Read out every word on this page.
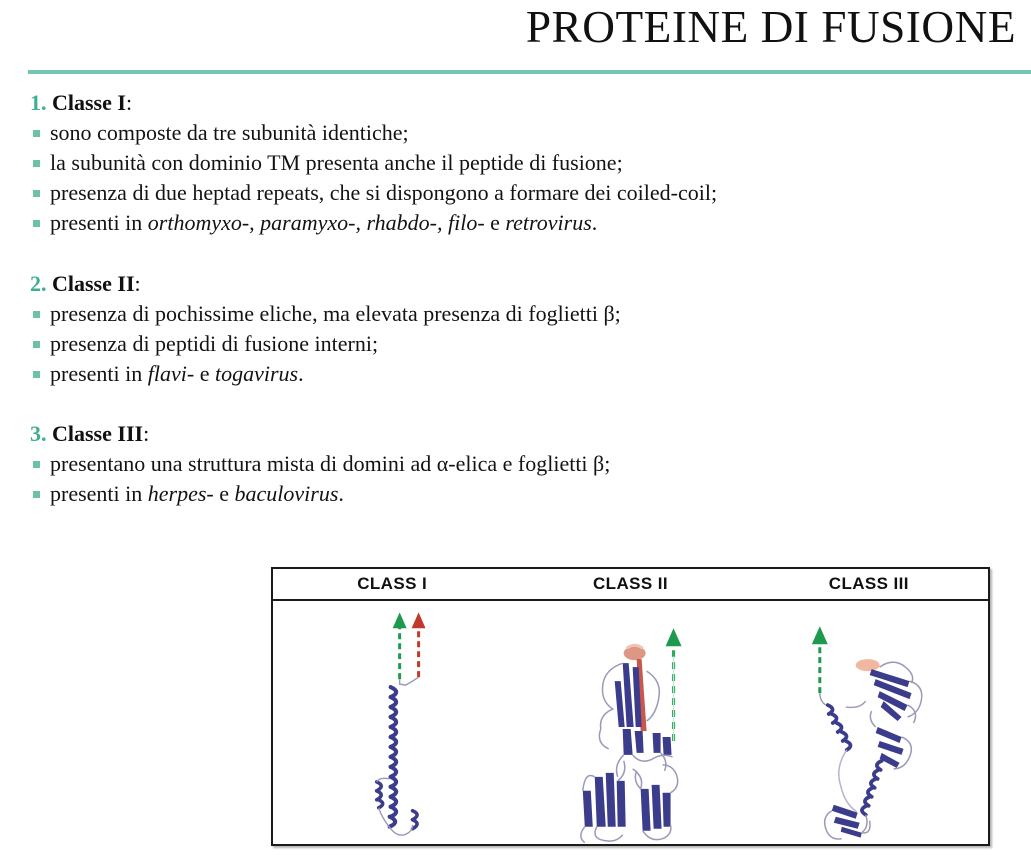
PROTEINE DI FUSIONE
1. Classe I:
sono composte da tre subunità identiche;
la subunità con dominio TM presenta anche il peptide di fusione;
presenza di due heptad repeats, che si dispongono a formare dei coiled-coil;
presenti in orthomyxo-, paramyxo-, rhabdo-, filo- e retrovirus.
2. Classe II:
presenza di pochissime eliche, ma elevata presenza di foglietti β;
presenza di peptidi di fusione interni;
presenti in flavi- e togavirus.
3. Classe III:
presentano una struttura mista di domini ad α-elica e foglietti β;
presenti in herpes- e baculovirus.
CLASS I	CLASS II	CLASS III
